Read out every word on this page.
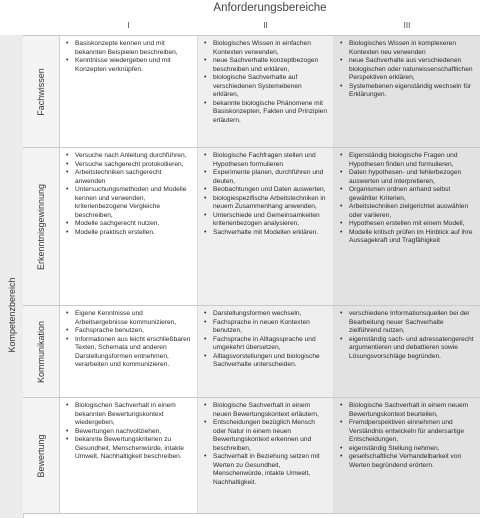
Anforderungsbereiche
I	II	III
Kompetenzbereich
Fachwissen
• Basiskonzepte kennen und mit bekannten Beispielen beschreiben,
• Kenntnisse wiedergeben und mit Konzepten verknüpfen.
• Biologisches Wissen in einfachen Kontexten verwenden,
• neue Sachverhalte konzeptbezogen beschreiben und erklären,
• biologische Sachverhalte auf verschiedenen Systemebenen erklären,
• bekannte biologische Phänomene mit Basiskonzepten, Fakten und Prinzipien erläutern.
• Biologisches Wissen in komplexeren Kontexten neu verwenden
• neue Sachverhalte aus verschiedenen biologischen oder naturwissenschaftlichen Perspektiven erklären,
• Systemebenen eigenständig wechseln für Erklärungen.
Erkenntnisgewinnung
• Versuche nach Anleitung durchführen,
• Versuche sachgerecht protokollieren,
• Arbeitstechniken sachgerecht anwenden
• Untersuchungsmethoden und Modelle kennen und verwenden, kriterienbezogene Vergleiche beschreiben,
• Modelle sachgerecht nutzen,
• Modelle praktisch erstellen.
• Biologische Fachfragen stellen und Hypothesen formulieren
• Experimente planen, durchführen und deuten,
• Beobachtungen und Daten auswerten,
• biologiespezifische Arbeitstechniken in neuem Zusammenhang anwenden,
• Unterschiede und Gemeinsamkeiten kriterienbezogen analysieren,
• Sachverhalte mit Modellen erklären.
• Eigenständig biologische Fragen und Hypothesen finden und formulieren,
• Daten hypothesen- und fehlerbezogen auswerten und interpretieren,
• Organismen ordnen anhand selbst gewählter Kriterien,
• Arbeitstechniken zielgerichtet auswählen oder variieren,
• Hypothesen erstellen mit einem Modell,
• Modelle kritisch prüfen im Hinblick auf ihre Aussagekraft und Tragfähigkeit
Kommunikation
• Eigene Kenntnisse und Arbeitsergebnisse kommunizieren,
• Fachsprache benutzen,
• Informationen aus leicht erschließbaren Texten, Schemata und anderen Darstellungsformen entnehmen, verarbeiten und kommunizieren.
• Darstellungsformen wechseln,
• Fachsprache in neuen Kontexten benutzen,
• Fachsprache in Alltagssprache und umgekehrt übersetzen,
• Alltagsvorstellungen und biologische Sachverhalte unterscheiden.
• verschiedene Informationsquellen bei der Bearbeitung neuer Sachverhalte zielführend nutzen,
• eigenständig sach- und adressatengerecht argumentieren und debattieren sowie Lösungsvorschläge begründen.
Bewertung
• Biologischen Sachverhalt in einem bekannten Bewertungskontext wiedergeben,
• Bewertungen nachvollziehen,
• bekannte Bewertungskriterien zu Gesundheit, Menschenwürde, intakte Umwelt, Nachhaltigkeit beschreiben.
• Biologische Sachverhalt in einem neuen Bewertungskontext erläutern,
• Entscheidungen bezüglich Mensch oder Natur in einem neuen Bewertungskontext erkennen und beschreiben,
• Sachverhalt in Beziehung setzen mit Werten zu Gesundheit, Menschenwürde, intakte Umwelt, Nachhaltigkeit.
• Biologische Sachverhalt in einem neuem Bewertungskontext beurteilen,
• Fremdperspektiven einnehmen und Verständnis entwickeln für andersartige Entscheidungen,
• eigenständig Stellung nehmen,
• gesellschaftliche Verhandelbarkeit von Werten begründend erörtern.
